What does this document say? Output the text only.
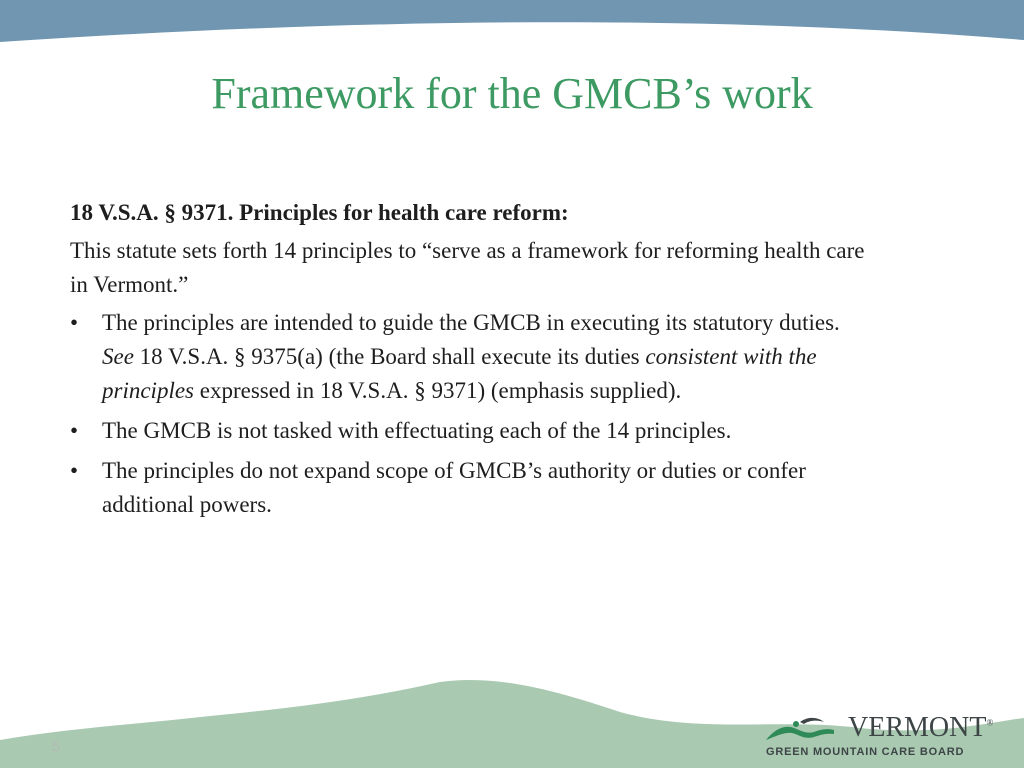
Framework for the GMCB’s work
18 V.S.A. § 9371. Principles for health care reform:
This statute sets forth 14 principles to “serve as a framework for reforming health care in Vermont.”
• The principles are intended to guide the GMCB in executing its statutory duties. See 18 V.S.A. § 9375(a) (the Board shall execute its duties consistent with the principles expressed in 18 V.S.A. § 9371) (emphasis supplied).
• The GMCB is not tasked with effectuating each of the 14 principles.
• The principles do not expand scope of GMCB’s authority or duties or confer additional powers.
5
VERMONT®
GREEN MOUNTAIN CARE BOARD
